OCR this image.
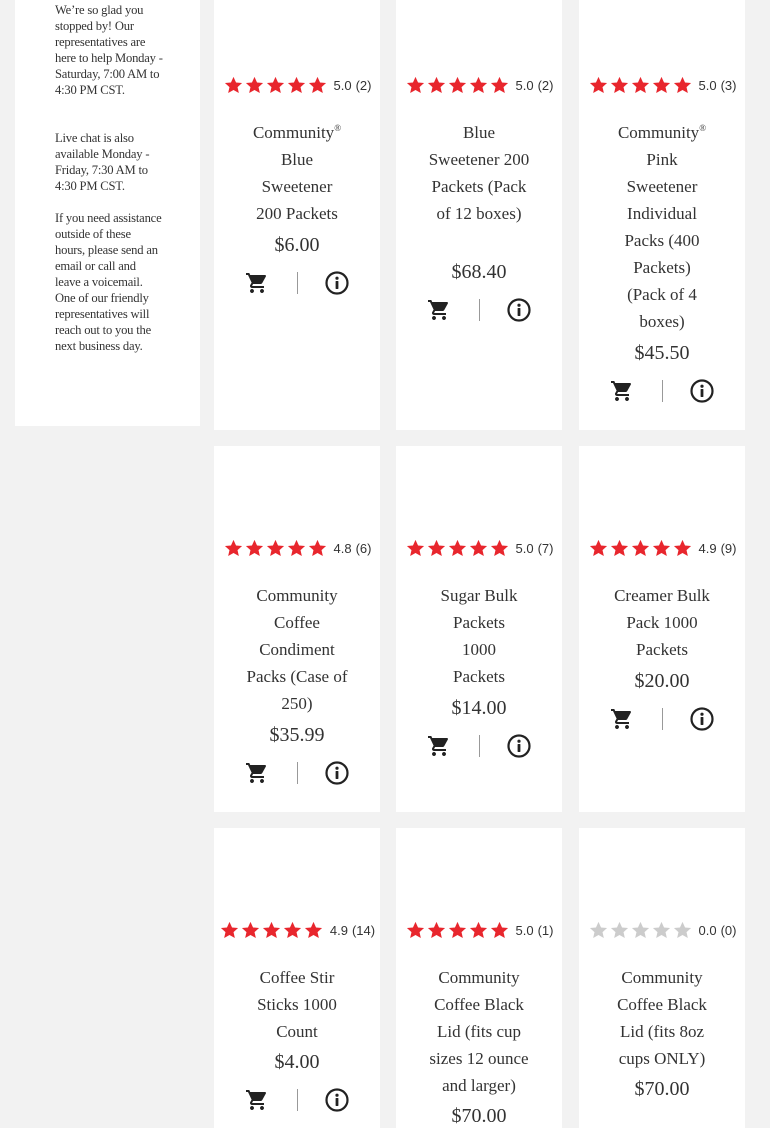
We’re so glad you stopped by! Our representatives are here to help Monday - Saturday, 7:00 AM to 4:30 PM CST.

Live chat is also available Monday - Friday, 7:30 AM to 4:30 PM CST.

If you need assistance outside of these hours, please send an email or call and leave a voicemail. One of our friendly representatives will reach out to you the next business day.

5.0 (2)
Community®
Blue Sweetener 200 Packets
$6.00
5.0 (2)
Blue Sweetener 200 Packets (Pack of 12 boxes)
$68.40
5.0 (3)
Community®
Pink Sweetener Individual Packs (400 Packets) (Pack of 4 boxes)
$45.50
4.8 (6)
Community Coffee Condiment Packs (Case of 250)
$35.99
5.0 (7)
Sugar Bulk Packets 1000 Packets
$14.00
4.9 (9)
Creamer Bulk Pack 1000 Packets
$20.00
4.9 (14)
Coffee Stir Sticks 1000 Count
$4.00
5.0 (1)
Community Coffee Black Lid (fits cup sizes 12 ounce and larger)
$70.00
0.0 (0)
Community Coffee Black Lid (fits 8oz cups ONLY)
$70.00
